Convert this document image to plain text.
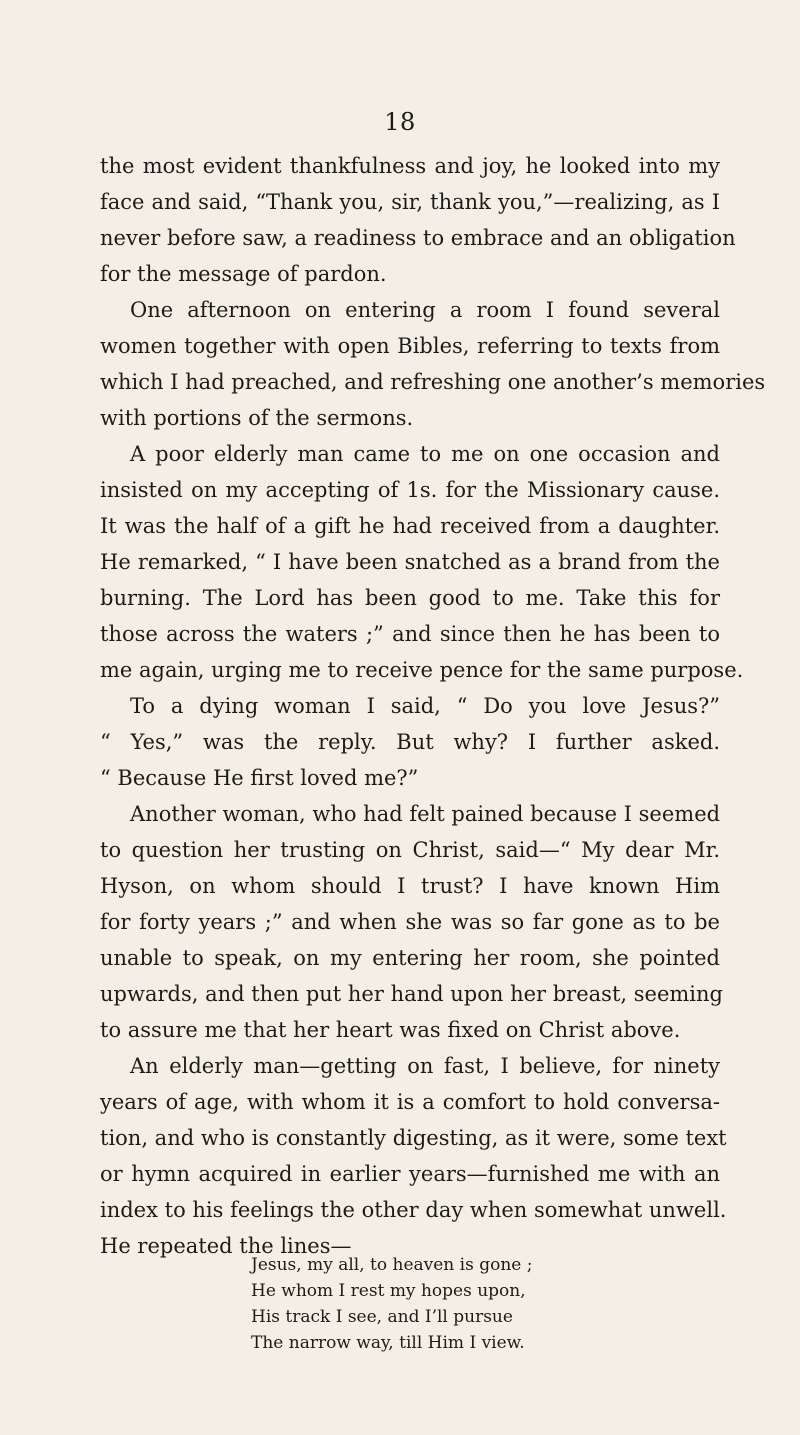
18
the most evident thankfulness and joy, he looked into my
face and said, “Thank you, sir, thank you,”—realizing, as I
never before saw, a readiness to embrace and an obligation
for the message of pardon.
One afternoon on entering a room I found several
women together with open Bibles, referring to texts from
which I had preached, and refreshing one another’s memories
with portions of the sermons.
A poor elderly man came to me on one occasion and
insisted on my accepting of 1s. for the Missionary cause.
It was the half of a gift he had received from a daughter.
He remarked, “ I have been snatched as a brand from the
burning. The Lord has been good to me. Take this for
those across the waters ;” and since then he has been to
me again, urging me to receive pence for the same purpose.
To a dying woman I said, “ Do you love Jesus?”
“ Yes,” was the reply. But why? I further asked.
“ Because He first loved me?”
Another woman, who had felt pained because I seemed
to question her trusting on Christ, said—“ My dear Mr.
Hyson, on whom should I trust? I have known Him
for forty years ;” and when she was so far gone as to be
unable to speak, on my entering her room, she pointed
upwards, and then put her hand upon her breast, seeming
to assure me that her heart was fixed on Christ above.
An elderly man—getting on fast, I believe, for ninety
years of age, with whom it is a comfort to hold conversa-
tion, and who is constantly digesting, as it were, some text
or hymn acquired in earlier years—furnished me with an
index to his feelings the other day when somewhat unwell.
He repeated the lines—
Jesus, my all, to heaven is gone ;
He whom I rest my hopes upon,
His track I see, and I’ll pursue
The narrow way, till Him I view.
